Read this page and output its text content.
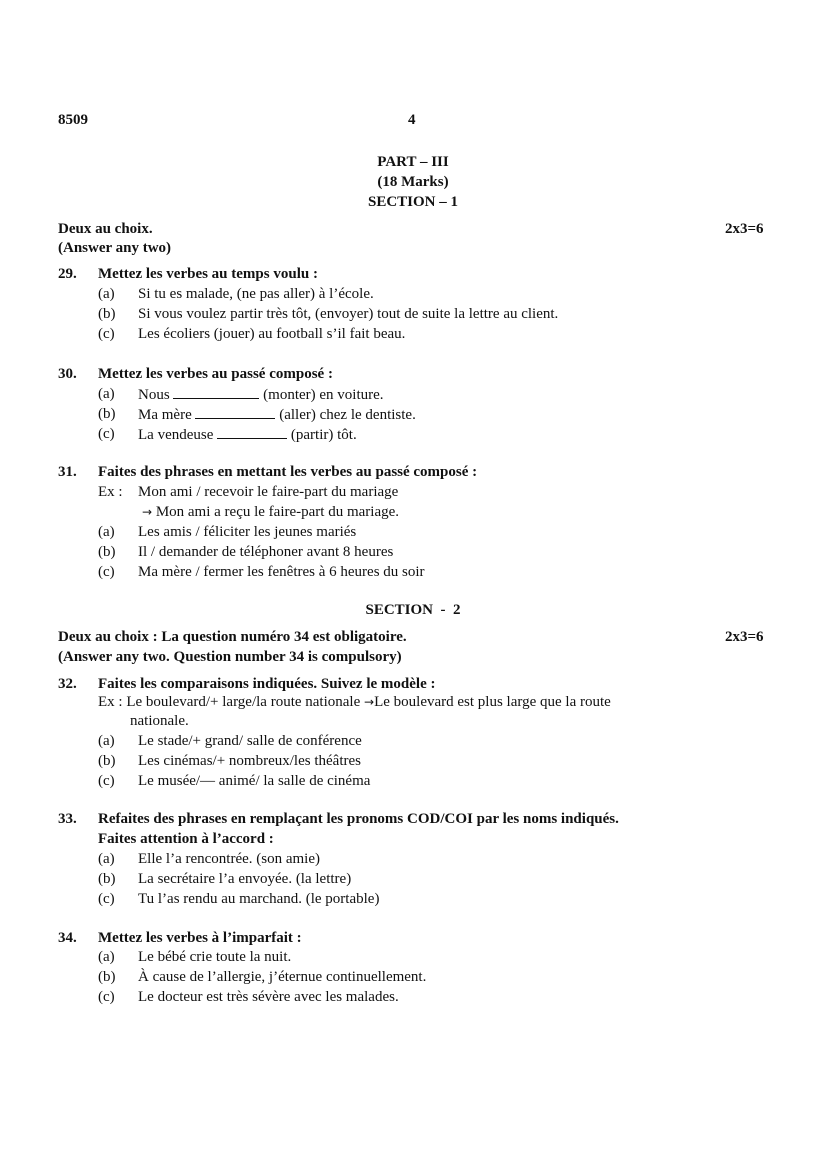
8509	4
PART – III
(18 Marks)
SECTION – 1
Deux au choix.	2x3=6
(Answer any two)
29. Mettez les verbes au temps voulu :
(a) Si tu es malade, (ne pas aller) à l’école.
(b) Si vous voulez partir très tôt, (envoyer) tout de suite la lettre au client.
(c) Les écoliers (jouer) au football s’il fait beau.
30. Mettez les verbes au passé composé :
(a) Nous	(monter) en voiture.
(b) Ma mère	(aller) chez le dentiste.
(c) La vendeuse	(partir) tôt.
31. Faites des phrases en mettant les verbes au passé composé :
Ex : Mon ami / recevoir le faire-part du mariage
→ Mon ami a reçu le faire-part du mariage.
(a) Les amis / féliciter les jeunes mariés
(b) Il / demander de téléphoner avant 8 heures
(c) Ma mère / fermer les fenêtres à 6 heures du soir
SECTION  -  2
Deux au choix : La question numéro 34 est obligatoire.	2x3=6
(Answer any two. Question number 34 is compulsory)
32. Faites les comparaisons indiquées. Suivez le modèle :
Ex : Le boulevard/+ large/la route nationale →Le boulevard est plus large que la route
nationale.
(a) Le stade/+ grand/ salle de conférence
(b) Les cinémas/+ nombreux/les théâtres
(c) Le musée/— animé/ la salle de cinéma
33. Refaites des phrases en remplaçant les pronoms COD/COI par les noms indiqués.
Faites attention à l’accord :
(a) Elle l’a rencontrée. (son amie)
(b) La secrétaire l’a envoyée. (la lettre)
(c) Tu l’as rendu au marchand. (le portable)
34. Mettez les verbes à l’imparfait :
(a) Le bébé crie toute la nuit.
(b) À cause de l’allergie, j’éternue continuellement.
(c) Le docteur est très sévère avec les malades.
